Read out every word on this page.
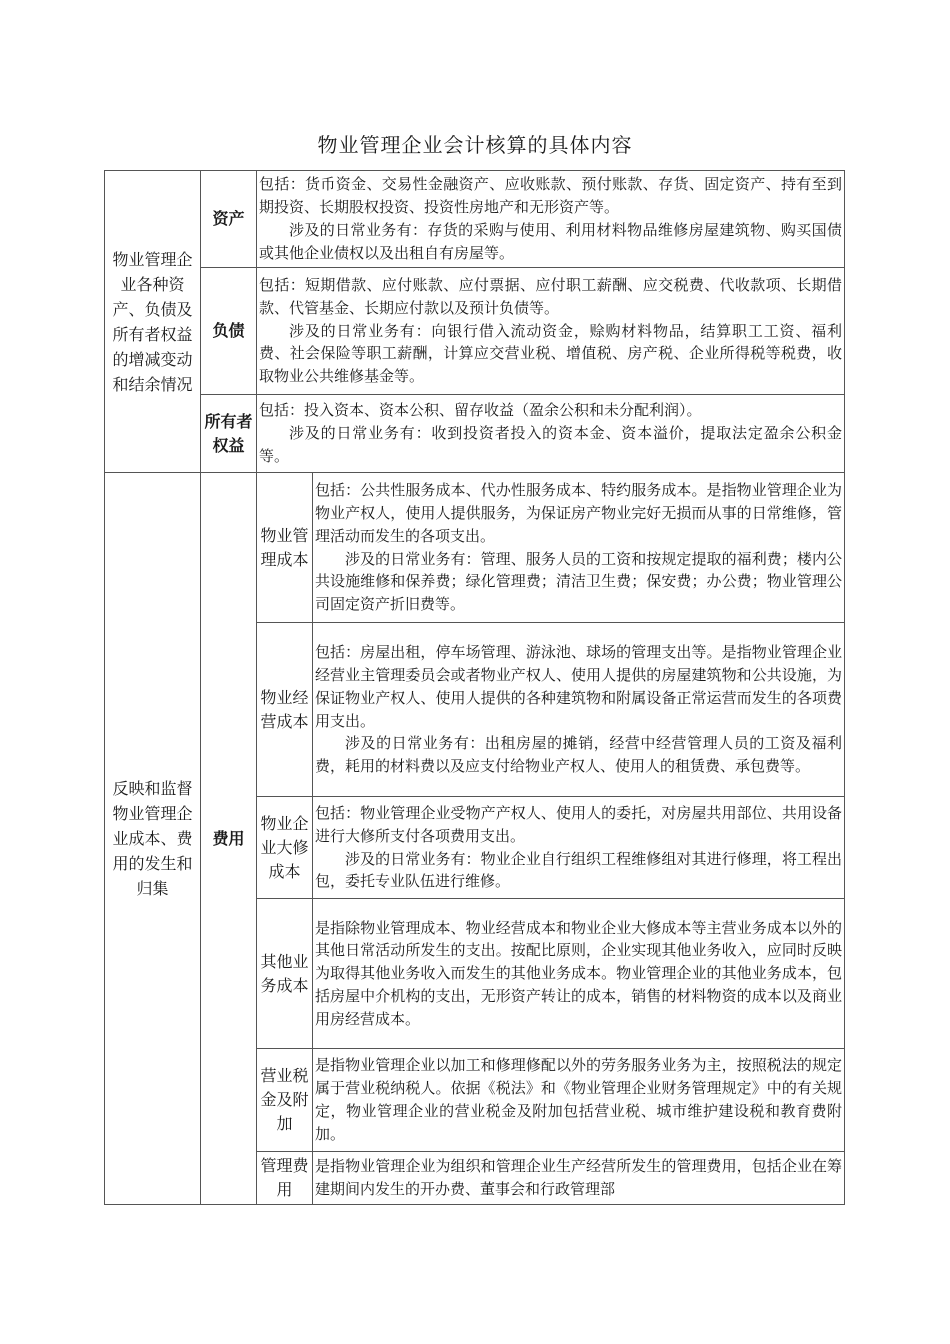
物业管理企业会计核算的具体内容
物业管理企业各种资产、负债及所有者权益的增减变动和结余情况	资产	包括：货币资金、交易性金融资产、应收账款、预付账款、存货、固定资产、持有至到期投资、长期股权投资、投资性房地产和无形资产等。

涉及的日常业务有：存货的采购与使用、利用材料物品维修房屋建筑物、购买国债或其他企业债权以及出租自有房屋等。	

	负债	包括：短期借款、应付账款、应付票据、应付职工薪酬、应交税费、代收款项、长期借款、代管基金、长期应付款以及预计负债等。

涉及的日常业务有：向银行借入流动资金，赊购材料物品，结算职工工资、福利费、社会保险等职工薪酬，计算应交营业税、增值税、房产税、企业所得税等税费，收取物业公共维修基金等。	

	所有者权益	包括：投入资本、资本公积、留存收益（盈余公积和未分配利润）。

涉及的日常业务有：收到投资者投入的资本金、资本溢价，提取法定盈余公积金等。	

反映和监督物业管理企业成本、费用的发生和归集	费用	物业管理成本	包括：公共性服务成本、代办性服务成本、特约服务成本。是指物业管理企业为物业产权人，使用人提供服务，为保证房产物业完好无损而从事的日常维修，管理活动而发生的各项支出。

涉及的日常业务有：管理、服务人员的工资和按规定提取的福利费；楼内公共设施维修和保养费；绿化管理费；清洁卫生费；保安费；办公费；物业管理公司固定资产折旧费等。

		物业经营成本	包括：房屋出租，停车场管理、游泳池、球场的管理支出等。是指物业管理企业经营业主管理委员会或者物业产权人、使用人提供的房屋建筑物和公共设施，为保证物业产权人、使用人提供的各种建筑物和附属设备正常运营而发生的各项费用支出。

涉及的日常业务有：出租房屋的摊销，经营中经营管理人员的工资及福利费，耗用的材料费以及应支付给物业产权人、使用人的租赁费、承包费等。

		物业企业大修成本	包括：物业管理企业受物产产权人、使用人的委托，对房屋共用部位、共用设备进行大修所支付各项费用支出。

涉及的日常业务有：物业企业自行组织工程维修组对其进行修理，将工程出包，委托专业队伍进行维修。

		其他业务成本	是指除物业管理成本、物业经营成本和物业企业大修成本等主营业务成本以外的其他日常活动所发生的支出。按配比原则，企业实现其他业务收入，应同时反映为取得其他业务收入而发生的其他业务成本。物业管理企业的其他业务成本，包括房屋中介机构的支出，无形资产转让的成本，销售的材料物资的成本以及商业用房经营成本。

		营业税金及附加	是指物业管理企业以加工和修理修配以外的劳务服务业务为主，按照税法的规定属于营业税纳税人。依据《税法》和《物业管理企业财务管理规定》中的有关规定，物业管理企业的营业税金及附加包括营业税、城市维护建设税和教育费附加。

		管理费用	是指物业管理企业为组织和管理企业生产经营所发生的管理费用，包括企业在筹建期间内发生的开办费、董事会和行政管理部
